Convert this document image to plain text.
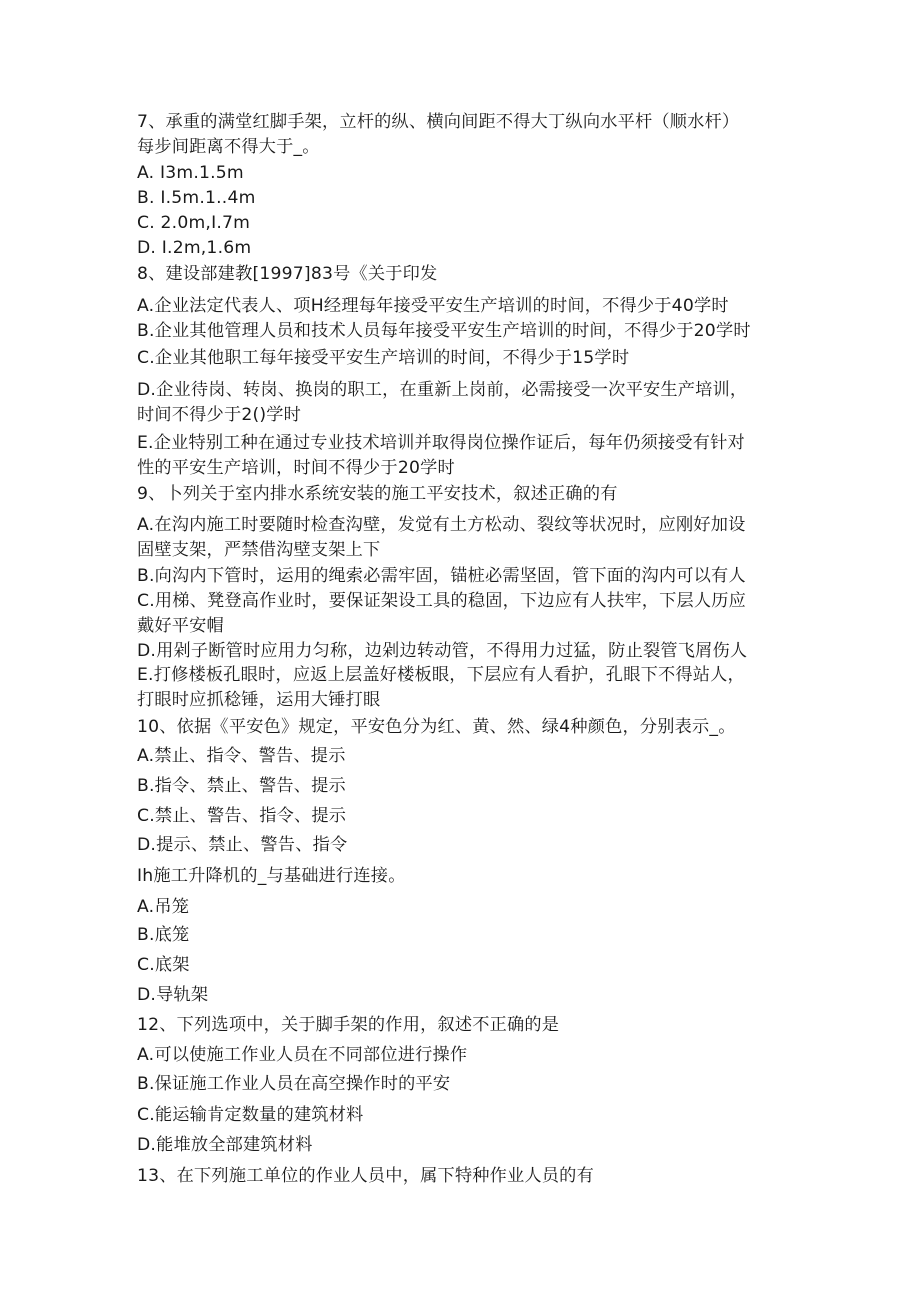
7、承重的满堂红脚手架，立杆的纵、横向间距不得大丁纵向水平杆（顺水杆）
每步间距离不得大于_。
A. I3m.1.5m
B. I.5m.1..4m
C. 2.0m,I.7m
D. I.2m,1.6m
8、建设部建教[1997]83号《关于印发
A.企业法定代表人、项H经理每年接受平安生产培训的时间，不得少于40学时
B.企业其他管理人员和技术人员每年接受平安生产培训的时间，不得少于20学时
C.企业其他职工每年接受平安生产培训的时间，不得少于15学时
D.企业待岗、转岗、换岗的职工，在重新上岗前，必需接受一次平安生产培训，
时间不得少于2()学时
E.企业特别工种在通过专业技术培训并取得岗位操作证后，每年仍须接受有针对
性的平安生产培训，时间不得少于20学时
9、卜列关于室内排水系统安装的施工平安技术，叙述正确的有
A.在沟内施工时要随时检查沟壁，发觉有土方松动、裂纹等状况时，应刚好加设
固壁支架，严禁借沟壁支架上下
B.向沟内下管时，运用的绳索必需牢固，锚桩必需坚固，管下面的沟内可以有人
C.用梯、凳登高作业时，要保证架设工具的稳固，下边应有人扶牢，下层人历应
戴好平安帽
D.用剁子断管时应用力匀称，边剁边转动管，不得用力过猛，防止裂管飞屑伤人
E.打修楼板孔眼时，应返上层盖好楼板眼，下层应有人看护，孔眼下不得站人，
打眼时应抓稔锤，运用大锤打眼
10、依据《平安色》规定，平安色分为红、黄、然、绿4种颜色，分别表示_。
A.禁止、指令、警告、提示
B.指令、禁止、警告、提示
C.禁止、警告、指令、提示
D.提示、禁止、警告、指令
Ih施工升降机的_与基础进行连接。
A.吊笼
B.底笼
C.底架
D.导轨架
12、下列选项中，关于脚手架的作用，叙述不正确的是
A.可以使施工作业人员在不同部位进行操作
B.保证施工作业人员在高空操作时的平安
C.能运输肯定数量的建筑材料
D.能堆放全部建筑材料
13、在下列施工单位的作业人员中，属下特种作业人员的有
